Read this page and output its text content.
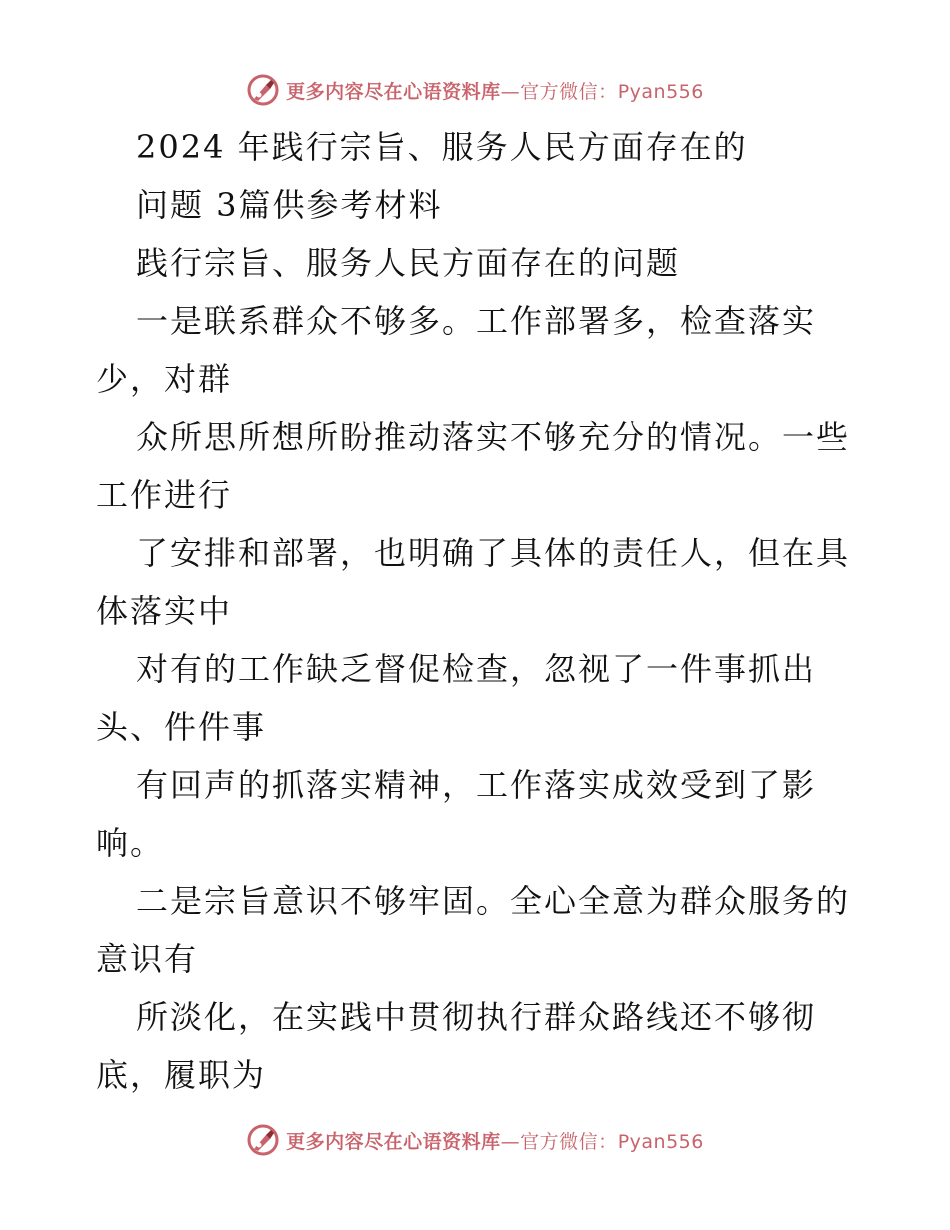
更多内容尽在心语资料库—官方微信：Pyan556
2024 年践行宗旨、服务人民方面存在的
问题 3篇供参考材料
践行宗旨、服务人民方面存在的问题
一是联系群众不够多。工作部署多，检查落实
少，对群
众所思所想所盼推动落实不够充分的情况。一些
工作进行
了安排和部署，也明确了具体的责任人，但在具
体落实中
对有的工作缺乏督促检查，忽视了一件事抓出
头、件件事
有回声的抓落实精神，工作落实成效受到了影
响。
二是宗旨意识不够牢固。全心全意为群众服务的
意识有
所淡化，在实践中贯彻执行群众路线还不够彻
底，履职为
更多内容尽在心语资料库—官方微信：Pyan556
